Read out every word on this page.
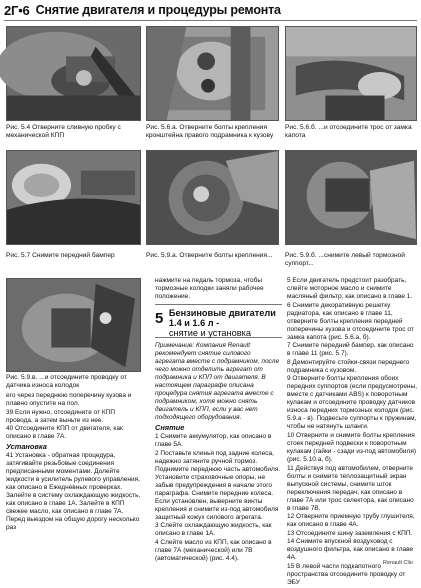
2Г•6 Снятие двигателя и процедуры ремонта
Рис. 5.4 Отверните сливную пробку с механической КПП
Рис. 5.6.а. Отверните болты крепления кронштейна правого подрамника к кузову
Рис. 5.6.б. ...и отсоедините трос от замка капота
Рис. 5.7 Снимите передний бампер	Рис. 5.9.а. Отверните болты крепления...	Рис. 5.9.б. ...снимите левый тормозной суппорт...
Рис. 5.9.в. ...и отсоедините проводку от датчика износа колодок

его через переднюю поперечину кузова и плавно опустите на пол.

39 Если нужно, отсоедините от КПП провода, а затем выньте из нее.

40 Отсоедините КПП от двигателя, как описано в главе 7А.

Установка

41 Установка - обратная процедура, затягивайте резьбовые соединения предписанными моментами. Долейте жидкости в усилитель рулевого управления, как описано в Ежедневных проверках. Залейте в систему охлаждающую жидкость, как описано в главе 1А. Залейте в КПП свежее масло, как описано в главе 7А. Перед выездом на общую дорогу несколько раз

нажмите на педаль тормоза, чтобы тормозные колодки заняли рабочее положение.

5 Бензиновые двигатели 1.4 и 1.6 л -
снятие и установка

Примечание: Компания Renault рекомендует снятие силового агрегата вместе с подрамником, после чего можно отделить агрегат от подрамника и КПП от двигателя. В настоящем параграфе описана процедура снятия агрегата вместе с подрамником, хотя можно снять двигатель и КПП, если у вас нет подходящего оборудования.

Снятие

1 Снимите аккумулятор, как описано в главе 5А.

2 Поставьте клинья под задние колеса, надежно затяните ручной тормоз. Поднимите переднюю часть автомобиля. Установите страховочные опоры, не забыв предупреждения в начале этого параграфа. Снимите передние колеса. Если установлен, выверните винты крепления и снимите из-под автомобиля защитный кожух силового агрегата.

3 Слейте охлаждающую жидкость, как описано в главе 1А.

4 Слейте масло из КПП, как описано в главе 7А (механической) или 7В (автоматической) (рис. 4.4).

5 Если двигатель предстоит разобрать, слейте моторное масло и снимите масляный фильтр, как описано в главе 1.

6 Снимите декоративную решетку радиатора, как описано в главе 11, отверните болты крепления передней поперечины кузова и отсоедините трос от замка капота (рис. 5.6.а, б).

7 Снимите передний бампер, как описано в главе 11 (рис. 5.7).

8 Демонтируйте стойки-связи переднего подрамника с кузовом.

9 Отверните болты крепления обоих передних суппортов (если предусмотрены, вместе с датчиками ABS) к поворотным кулакам и отсоедините проводку датчиков износа передних тормозных колодок (рис. 5.9.а - в). Подвесьте суппорты к пружинам, чтобы не натянуть шланги.

10 Отверните и снимите болты крепления стоек передней подвески к поворотным кулакам (гайки - сзади из-под автомобиля) (рис. 5.10.а, б).

11 Действуя под автомобилем, отверните болты и снимите теплозащитный экран выпускной системы, снимите шток переключения передач, как описано в главе 7А или трос селектора, как описано в главе 7В.

12 Отверните приемную трубу глушителя, как описано в главе 4А.

13 Отсоедините шину заземления с КПП.

14 Снимите впускной воздуховод с воздушного фильтра, как описано в главе 4А.

15 В левой части подкапотного пространства отсоедините проводку от ЭБУ

Renault Clio
